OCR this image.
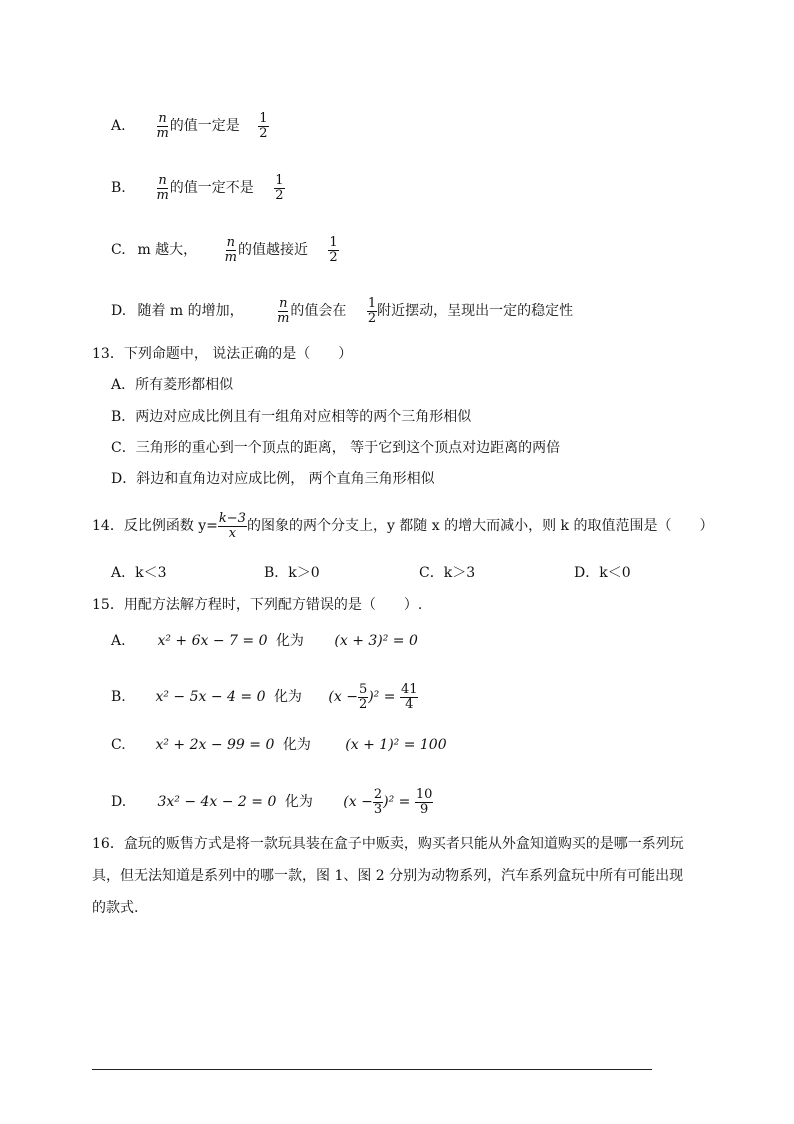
A. $\frac{n}{m}$ 的值一定是 $\frac{1}{2}$
B. $\frac{n}{m}$ 的值一定不是 $\frac{1}{2}$
C. m 越大， $\frac{n}{m}$ 的值越接近 $\frac{1}{2}$
D. 随着 m 的增加， $\frac{n}{m}$ 的值会在 $\frac{1}{2}$ 附近摆动，呈现出一定的稳定性
13．下列命题中， 说法正确的是（　　）
A．所有菱形都相似
B．两边对应成比例且有一组角对应相等的两个三角形相似
C．三角形的重心到一个顶点的距离， 等于它到这个顶点对边距离的两倍
D．斜边和直角边对应成比例， 两个直角三角形相似
14．反比例函数 $y= \frac{k-3}{x}$ 的图象的两个分支上，y 都随 x 的增大而减小，则 k 的取值范围是（　　）
A．k＜3	B．k＞0	C．k＞3	D．k＜0
15．用配方法解方程时，下列配方错误的是（　　）.
A. x² + 6x − 7 = 0 化为 (x + 3)² = 0
B. x² − 5x − 4 = 0 化为 $(x - \frac{5}{2} )^2 = \frac{41}{4}$
C. x² + 2x − 99 = 0 化为 (x + 1)² = 100
D. 3x² − 4x − 2 = 0 化为 $(x - \frac{2}{3} )^2 = \frac{10}{9}$
16．盒玩的贩售方式是将一款玩具装在盒子中贩卖，购买者只能从外盒知道购买的是哪一系列玩
具，但无法知道是系列中的哪一款，图 1、图 2 分别为动物系列，汽车系列盒玩中所有可能出现
的款式.
